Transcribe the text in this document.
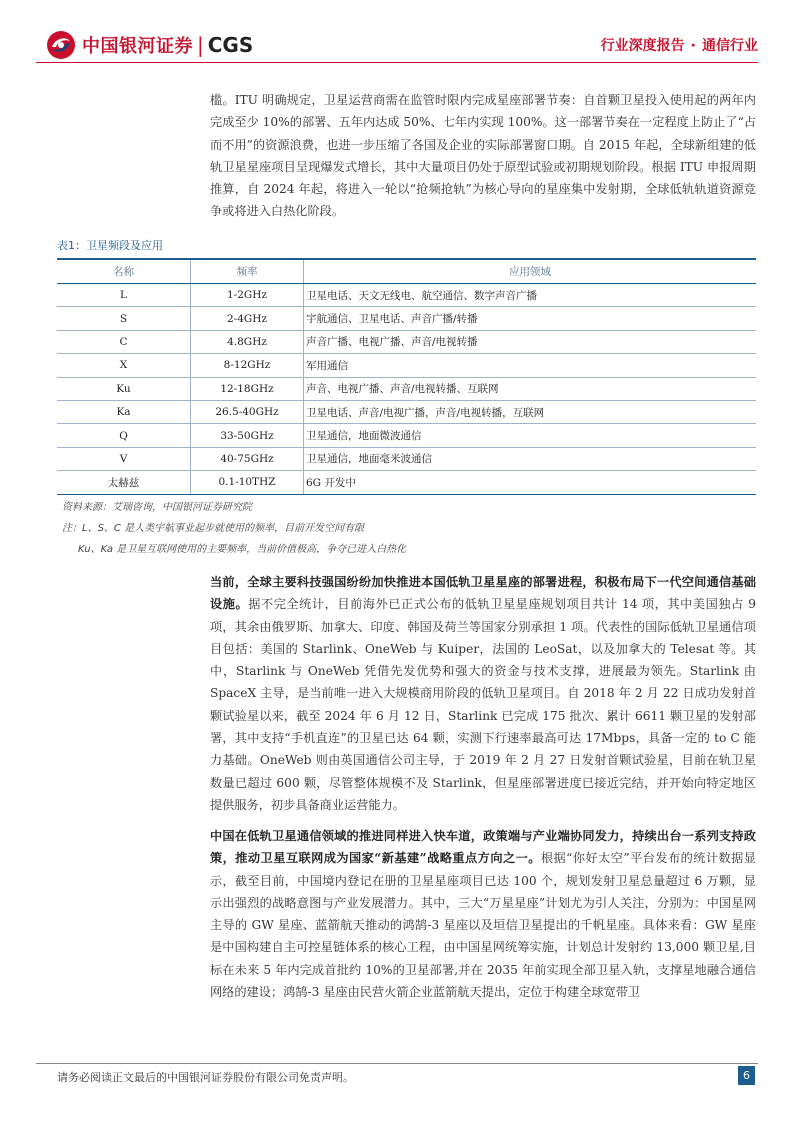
中国银河证券 | CGS	行业深度报告 · 通信行业
槛。ITU 明确规定，卫星运营商需在监管时限内完成星座部署节奏：自首颗卫星投入使用起的两年内完成至少 10%的部署、五年内达成 50%、七年内实现 100%。这一部署节奏在一定程度上防止了“占而不用”的资源浪费，也进一步压缩了各国及企业的实际部署窗口期。自 2015 年起，全球新组建的低轨卫星星座项目呈现爆发式增长，其中大量项目仍处于原型试验或初期规划阶段。根据 ITU 申报周期推算，自 2024 年起，将进入一轮以“抢频抢轨”为核心导向的星座集中发射期，全球低轨轨道资源竞争或将进入白热化阶段。
表1：卫星频段及应用
名称	频率	应用领域
L	1-2GHz	卫星电话、天文无线电、航空通信、数字声音广播
S	2-4GHz	宇航通信、卫星电话、声音广播/转播
C	4.8GHz	声音广播、电视广播、声音/电视转播
X	8-12GHz	军用通信
Ku	12-18GHz	声音、电视广播、声音/电视转播、互联网
Ka	26.5-40GHz	卫星电话、声音/电视广播，声音/电视转播，互联网
Q	33-50GHz	卫星通信，地面微波通信
V	40-75GHz	卫星通信，地面毫米波通信
太赫兹	0.1-10THZ	6G 开发中
资料来源：艾瑞咨询，中国银河证券研究院
注：L、S、C 是人类宇航事业起步就使用的频率，目前开发空间有限
Ku、Ka 是卫星互联网使用的主要频率，当前价值极高，争夺已进入白热化
当前，全球主要科技强国纷纷加快推进本国低轨卫星星座的部署进程，积极布局下一代空间通信基础设施。据不完全统计，目前海外已正式公布的低轨卫星星座规划项目共计 14 项，其中美国独占 9 项，其余由俄罗斯、加拿大、印度、韩国及荷兰等国家分别承担 1 项。代表性的国际低轨卫星通信项目包括：美国的 Starlink、OneWeb 与 Kuiper，法国的 LeoSat，以及加拿大的 Telesat 等。其中，Starlink 与 OneWeb 凭借先发优势和强大的资金与技术支撑，进展最为领先。Starlink 由 SpaceX 主导，是当前唯一进入大规模商用阶段的低轨卫星项目。自 2018 年 2 月 22 日成功发射首颗试验星以来，截至 2024 年 6 月 12 日，Starlink 已完成 175 批次、累计 6611 颗卫星的发射部署，其中支持“手机直连”的卫星已达 64 颗，实测下行速率最高可达 17Mbps，具备一定的 to C 能力基础。OneWeb 则由英国通信公司主导，于 2019 年 2 月 27 日发射首颗试验星，目前在轨卫星数量已超过 600 颗，尽管整体规模不及 Starlink，但星座部署进度已接近完结，并开始向特定地区提供服务，初步具备商业运营能力。
中国在低轨卫星通信领域的推进同样进入快车道，政策端与产业端协同发力，持续出台一系列支持政策，推动卫星互联网成为国家“新基建”战略重点方向之一。根据“你好太空”平台发布的统计数据显示，截至目前，中国境内登记在册的卫星星座项目已达 100 个，规划发射卫星总量超过 6 万颗，显示出强烈的战略意图与产业发展潜力。其中，三大“万星星座”计划尤为引人关注，分别为：中国星网主导的 GW 星座、蓝箭航天推动的鸿鹄-3 星座以及垣信卫星提出的千帆星座。具体来看：GW 星座是中国构建自主可控星链体系的核心工程，由中国星网统筹实施，计划总计发射约 13,000 颗卫星,目标在未来 5 年内完成首批约 10%的卫星部署,并在 2035 年前实现全部卫星入轨，支撑星地融合通信网络的建设；鸿鹄-3 星座由民营火箭企业蓝箭航天提出，定位于构建全球宽带卫
请务必阅读正文最后的中国银河证券股份有限公司免责声明。	6
